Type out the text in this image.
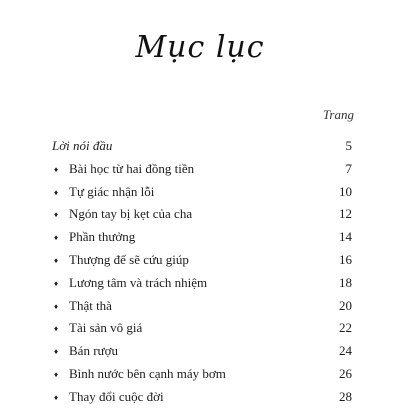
Mục lục
Trang
Lời nói đầu	5
♦ Bài học từ hai đồng tiền	7
♦ Tự giác nhận lỗi	10
♦ Ngón tay bị kẹt của cha	12
♦ Phần thưởng	14
♦ Thượng đế sẽ cứu giúp	16
♦ Lương tâm và trách nhiệm	18
♦ Thật thà	20
♦ Tài sản vô giá	22
♦ Bán rượu	24
♦ Bình nước bên cạnh máy bơm	26
♦ Thay đổi cuộc đời	28
